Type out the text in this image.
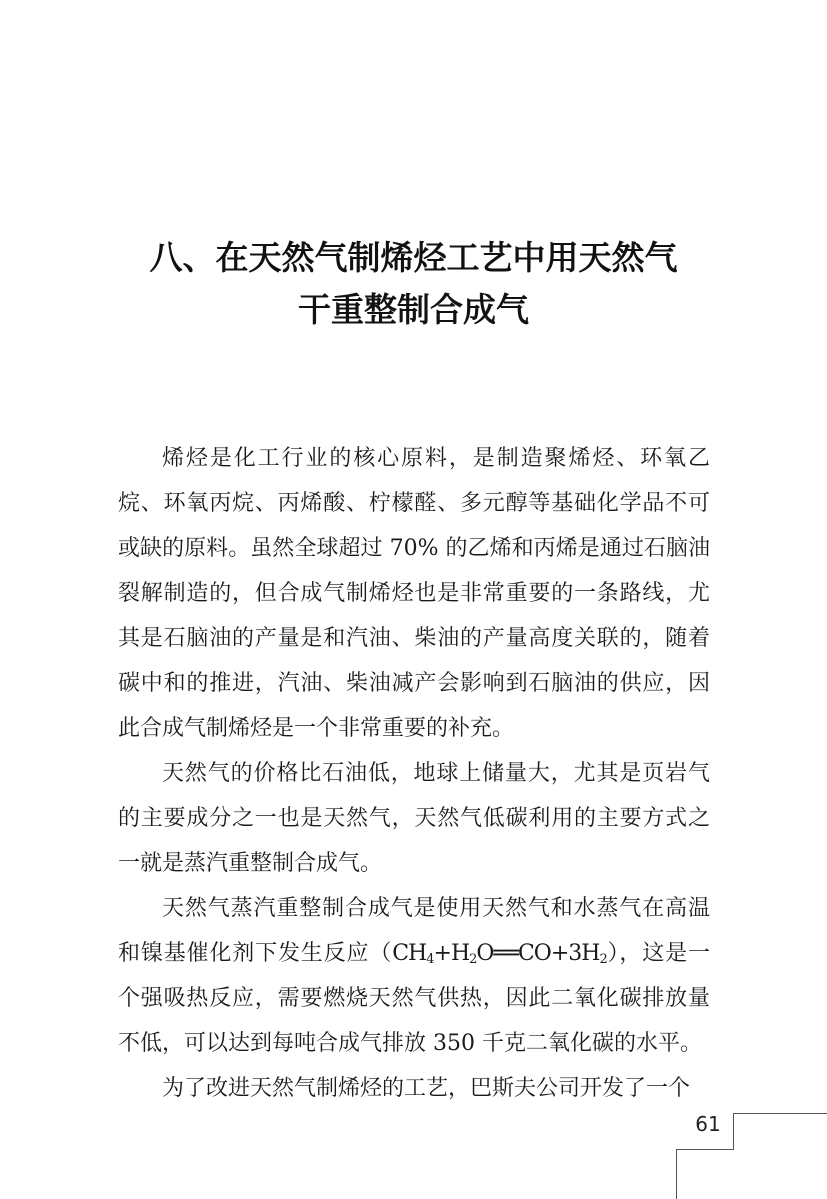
八、在天然气制烯烃工艺中用天然气
干重整制合成气

烯烃是化工行业的核心原料，是制造聚烯烃、环氧乙烷、环氧丙烷、丙烯酸、柠檬醛、多元醇等基础化学品不可或缺的原料。虽然全球超过 70% 的乙烯和丙烯是通过石脑油裂解制造的，但合成气制烯烃也是非常重要的一条路线，尤其是石脑油的产量是和汽油、柴油的产量高度关联的，随着碳中和的推进，汽油、柴油减产会影响到石脑油的供应，因此合成气制烯烃是一个非常重要的补充。

天然气的价格比石油低，地球上储量大，尤其是页岩气的主要成分之一也是天然气，天然气低碳利用的主要方式之一就是蒸汽重整制合成气。

天然气蒸汽重整制合成气是使用天然气和水蒸气在高温和镍基催化剂下发生反应$(CH_4+H_2O══CO+3H_2)$，这是一个强吸热反应，需要燃烧天然气供热，因此二氧化碳排放量不低，可以达到每吨合成气排放 350 千克二氧化碳的水平。

为了改进天然气制烯烃的工艺，巴斯夫公司开发了一个

61
